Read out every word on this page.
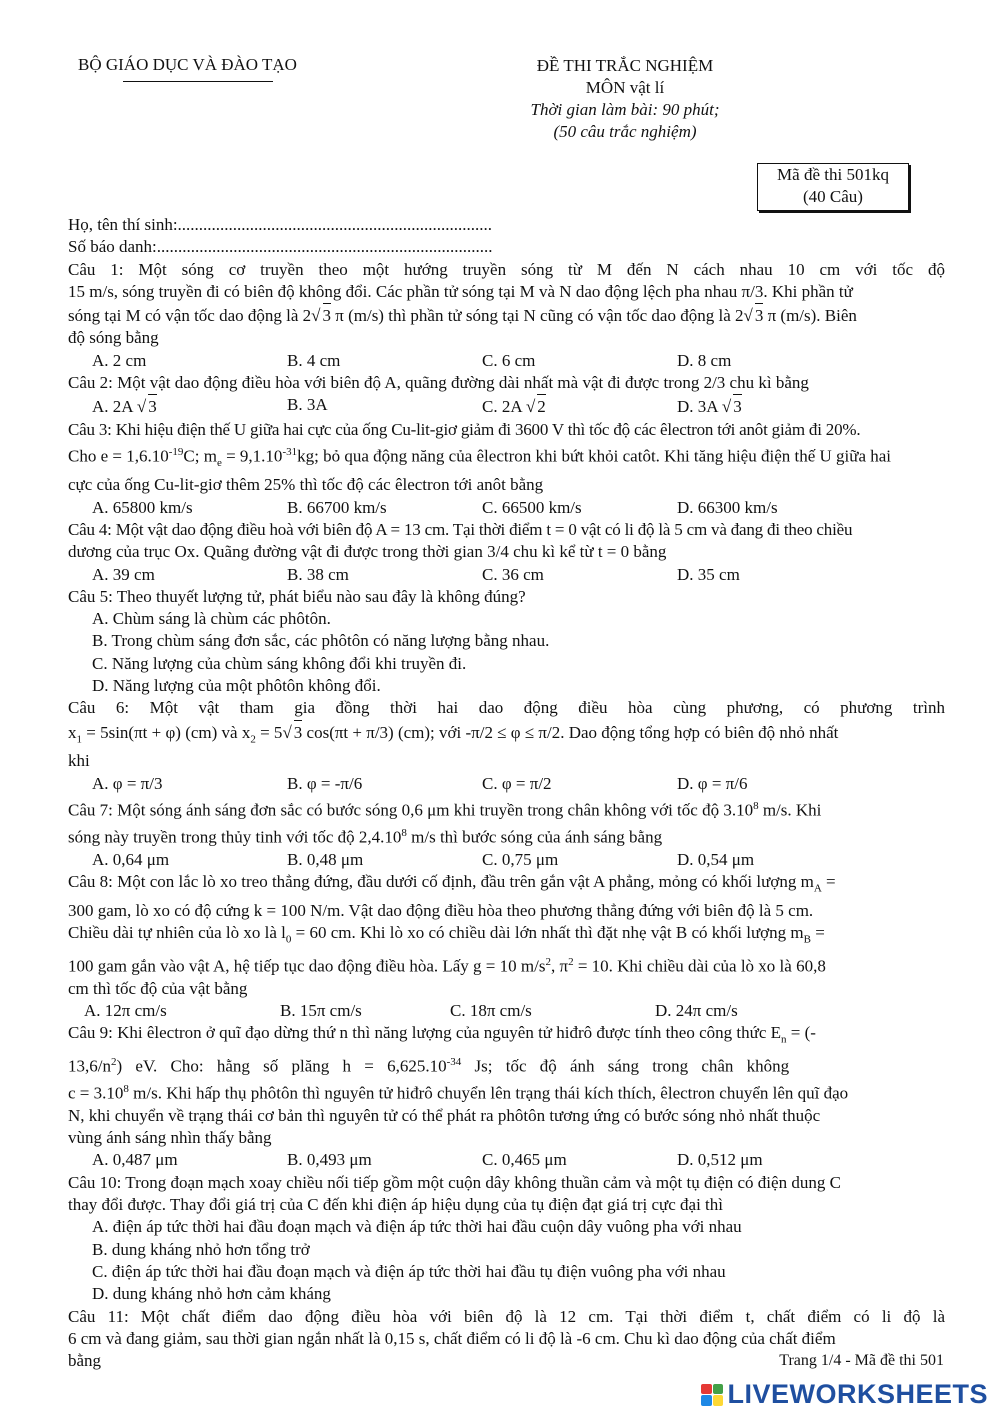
BỘ GIÁO DỤC VÀ ĐÀO TẠO	ĐỀ THI TRẮC NGHIỆM
MÔN vật lí
Thời gian làm bài: 90 phút;
(50 câu trắc nghiệm)
Mã đề thi 501kq
(40 Câu)
Họ, tên thí sinh:..........................................................................
Số báo danh:...............................................................................
Câu 1: Một sóng cơ truyền theo một hướng truyền sóng từ M đến N cách nhau 10 cm với tốc độ
15 m/s, sóng truyền đi có biên độ không đổi. Các phần tử sóng tại M và N dao động lệch pha nhau π/3. Khi phần tử
sóng tại M có vận tốc dao động là 2√ 3 π (m/s) thì phần tử sóng tại N cũng có vận tốc dao động là 2√ 3 π (m/s). Biên
độ sóng bằng
A. 2 cm	B. 4 cm	C. 6 cm	D. 8 cm
Câu 2: Một vật dao động điều hòa với biên độ A, quãng đường dài nhất mà vật đi được trong 2/3 chu kì bằng
A. 2A √ 3	B. 3A	C. 2A √ 2	D. 3A √ 3
Câu 3: Khi hiệu điện thế U giữa hai cực của ống Cu-lit-giơ giảm đi 3600 V thì tốc độ các êlectron tới anôt giảm đi 20%.
Cho $e = 1,6.10^{-19}C$; $m_e = 9,1.10^{-31}kg$; bỏ qua động năng của êlectron khi bứt khỏi catôt. Khi tăng hiệu điện thế U giữa hai
cực của ống Cu-lit-giơ thêm 25% thì tốc độ các êlectron tới anôt bằng
A. 65800 km/s	B. 66700 km/s	C. 66500 km/s	D. 66300 km/s
Câu 4: Một vật dao động điều hoà với biên độ A = 13 cm. Tại thời điểm t = 0 vật có li độ là 5 cm và đang đi theo chiều
dương của trục Ox. Quãng đường vật đi được trong thời gian 3/4 chu kì kể từ t = 0 bằng
A. 39 cm	B. 38 cm	C. 36 cm	D. 35 cm
Câu 5: Theo thuyết lượng tử, phát biểu nào sau đây là không đúng?
A. Chùm sáng là chùm các phôtôn.
B. Trong chùm sáng đơn sắc, các phôtôn có năng lượng bằng nhau.
C. Năng lượng của chùm sáng không đổi khi truyền đi.
D. Năng lượng của một phôtôn không đổi.
Câu 6: Một vật tham gia đồng thời hai dao động điều hòa cùng phương, có phương trình
$x_1 = 5\sin(\pi t + \varphi)$ (cm) và $x_2 = 5√$ 3 cos(πt + π/3) (cm); với -π/2 ≤ φ ≤ π/2. Dao động tổng hợp có biên độ nhỏ nhất
khi
A. φ = π/3	B. φ = -π/6	C. φ = π/2	D. φ = π/6
Câu 7: Một sóng ánh sáng đơn sắc có bước sóng 0,6 μm khi truyền trong chân không với tốc độ 3.10$^8$ m/s. Khi
sóng này truyền trong thủy tinh với tốc độ 2,4.10$^8$ m/s thì bước sóng của ánh sáng bằng
A. 0,64 μm	B. 0,48 μm	C. 0,75 μm	D. 0,54 μm
Câu 8: Một con lắc lò xo treo thẳng đứng, đầu dưới cố định, đầu trên gắn vật A phẳng, mỏng có khối lượng $m_A$ =
300 gam, lò xo có độ cứng k = 100 N/m. Vật dao động điều hòa theo phương thẳng đứng với biên độ là 5 cm.
Chiều dài tự nhiên của lò xo là $l_0 = 60$ cm. Khi lò xo có chiều dài lớn nhất thì đặt nhẹ vật B có khối lượng $m_B$ =
100 gam gắn vào vật A, hệ tiếp tục dao động điều hòa. Lấy g = 10 $m/s^2$, $\pi^2 = 10$. Khi chiều dài của lò xo là 60,8
cm thì tốc độ của vật bằng
A. 12π cm/s	B. 15π cm/s	C. 18π cm/s	D. 24π cm/s
Câu 9: Khi êlectron ở quĩ đạo dừng thứ n thì năng lượng của nguyên tử hiđrô được tính theo công thức $E_n$ = (-
$13,6/n^2$) eV. Cho: hằng số plăng $h = 6,625.10^{-34}$ Js; tốc độ ánh sáng trong chân không
$c = 3.10^8$ m/s. Khi hấp thụ phôtôn thì nguyên tử hiđrô chuyển lên trạng thái kích thích, êlectron chuyển lên quĩ đạo
N, khi chuyển về trạng thái cơ bản thì nguyên tử có thể phát ra phôtôn tương ứng có bước sóng nhỏ nhất thuộc
vùng ánh sáng nhìn thấy bằng
A. 0,487 μm	B. 0,493 μm	C. 0,465 μm	D. 0,512 μm
Câu 10: Trong đoạn mạch xoay chiều nối tiếp gồm một cuộn dây không thuần cảm và một tụ điện có điện dung C
thay đổi được. Thay đổi giá trị của C đến khi điện áp hiệu dụng của tụ điện đạt giá trị cực đại thì
A. điện áp tức thời hai đầu đoạn mạch và điện áp tức thời hai đầu cuộn dây vuông pha với nhau
B. dung kháng nhỏ hơn tổng trở
C. điện áp tức thời hai đầu đoạn mạch và điện áp tức thời hai đầu tụ điện vuông pha với nhau
D. dung kháng nhỏ hơn cảm kháng
Câu 11: Một chất điểm dao động điều hòa với biên độ là 12 cm. Tại thời điểm t, chất điểm có li độ là
6 cm và đang giảm, sau thời gian ngắn nhất là 0,15 s, chất điểm có li độ là -6 cm. Chu kì dao động của chất điểm
bằng	Trang 1/4 - Mã đề thi 501
LIVEWORKSHEETS
